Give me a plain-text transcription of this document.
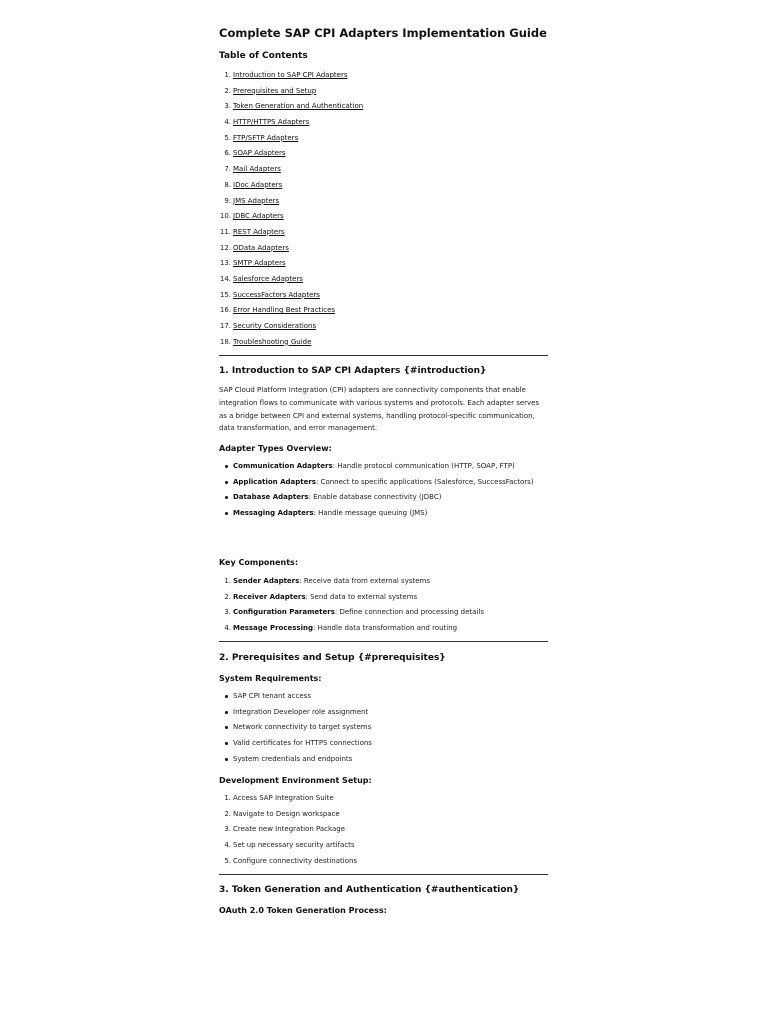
Complete SAP CPI Adapters Implementation Guide
Table of Contents
1. Introduction to SAP CPI Adapters
2. Prerequisites and Setup
3. Token Generation and Authentication
4. HTTP/HTTPS Adapters
5. FTP/SFTP Adapters
6. SOAP Adapters
7. Mail Adapters
8. IDoc Adapters
9. JMS Adapters
10. JDBC Adapters
11. REST Adapters
12. OData Adapters
13. SMTP Adapters
14. Salesforce Adapters
15. SuccessFactors Adapters
16. Error Handling Best Practices
17. Security Considerations
18. Troubleshooting Guide
1. Introduction to SAP CPI Adapters {#introduction}

SAP Cloud Platform Integration (CPI) adapters are connectivity components that enable integration flows to communicate with various systems and protocols. Each adapter serves as a bridge between CPI and external systems, handling protocol-specific communication, data transformation, and error management.

Adapter Types Overview:
Communication Adapters: Handle protocol communication (HTTP, SOAP, FTP)
Application Adapters: Connect to specific applications (Salesforce, SuccessFactors)
Database Adapters: Enable database connectivity (JDBC)
Messaging Adapters: Handle message queuing (JMS)
Key Components:
1. Sender Adapters: Receive data from external systems
2. Receiver Adapters: Send data to external systems
3. Configuration Parameters: Define connection and processing details
4. Message Processing: Handle data transformation and routing
2. Prerequisites and Setup {#prerequisites}
System Requirements:
SAP CPI tenant access
Integration Developer role assignment
Network connectivity to target systems
Valid certificates for HTTPS connections
System credentials and endpoints
Development Environment Setup:
1. Access SAP Integration Suite
2. Navigate to Design workspace
3. Create new Integration Package
4. Set up necessary security artifacts
5. Configure connectivity destinations
3. Token Generation and Authentication {#authentication}
OAuth 2.0 Token Generation Process:
